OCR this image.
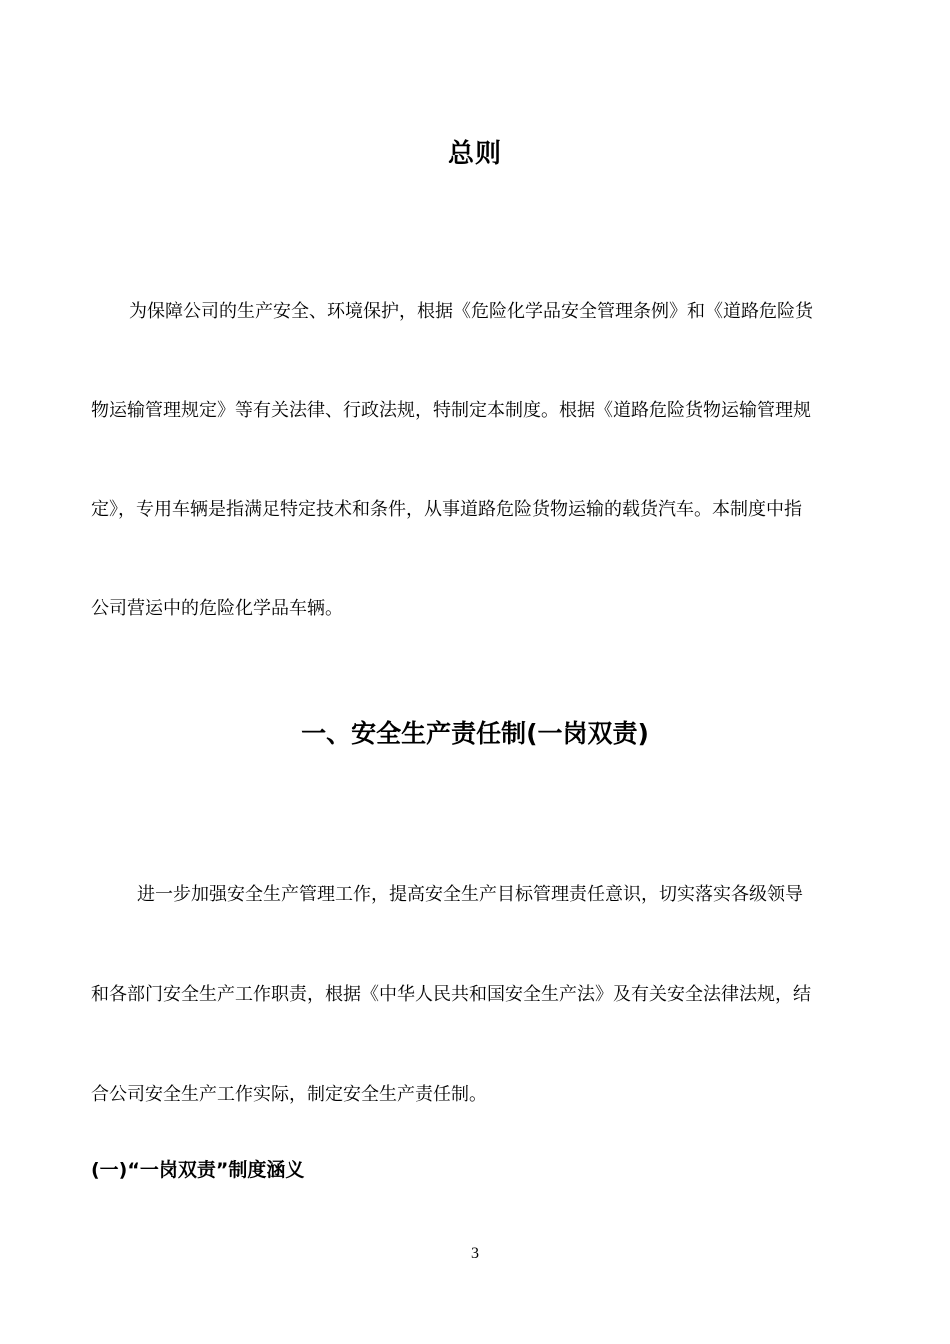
总则

为保障公司的生产安全、环境保护，根据《危险化学品安全管理条例》和《道路危险货

物运输管理规定》等有关法律、行政法规，特制定本制度。根据《道路危险货物运输管理规

定》，专用车辆是指满足特定技术和条件，从事道路危险货物运输的载货汽车。本制度中指

公司营运中的危险化学品车辆。

一、安全生产责任制(一岗双责)

进一步加强安全生产管理工作，提高安全生产目标管理责任意识，切实落实各级领导

和各部门安全生产工作职责，根据《中华人民共和国安全生产法》及有关安全法律法规，结

合公司安全生产工作实际，制定安全生产责任制。

(一)“一岗双责”制度涵义
3
